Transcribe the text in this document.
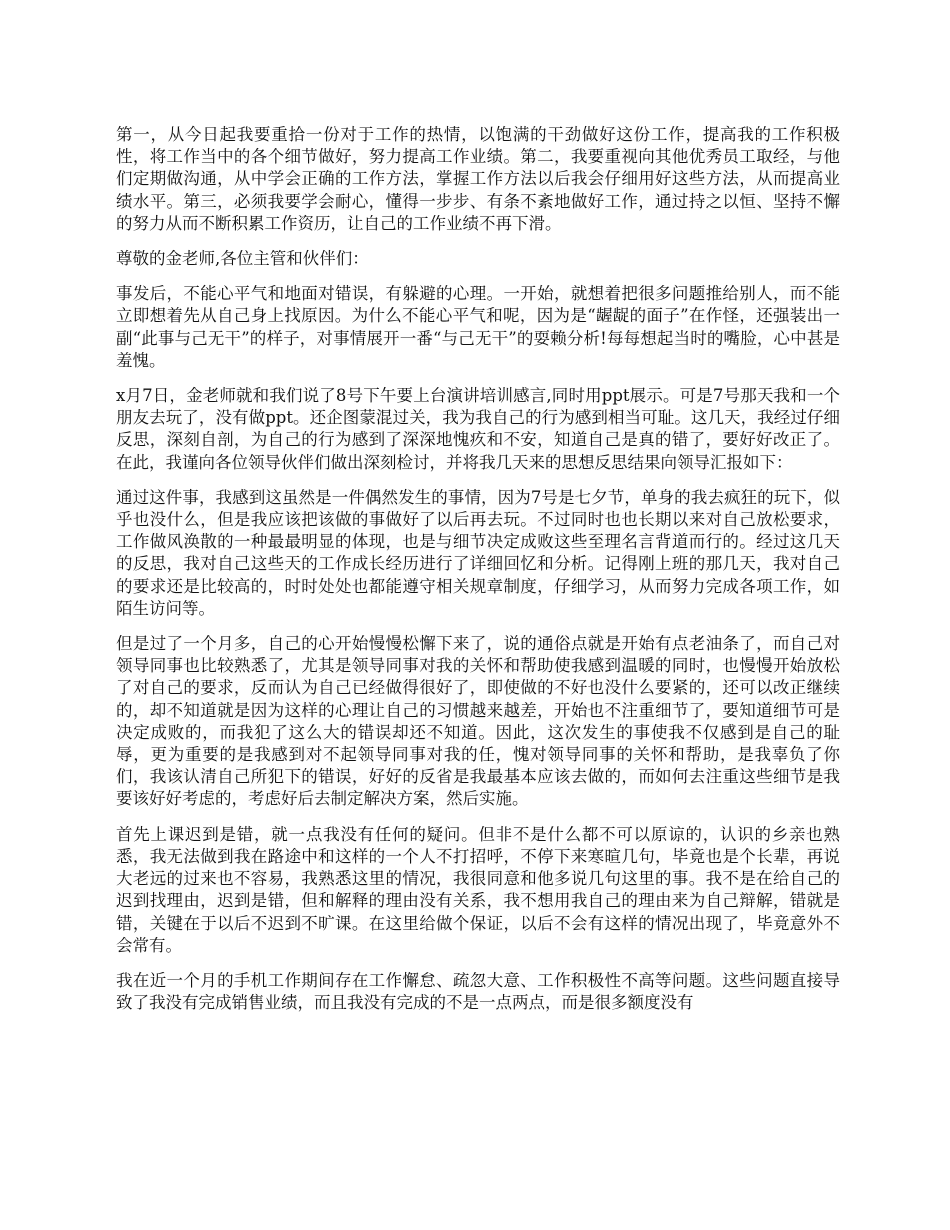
第一，从今日起我要重拾一份对于工作的热情，以饱满的干劲做好这份工作，提高我的工作积极性，将工作当中的各个细节做好，努力提高工作业绩。第二，我要重视向其他优秀员工取经，与他们定期做沟通，从中学会正确的工作方法，掌握工作方法以后我会仔细用好这些方法，从而提高业绩水平。第三，必须我要学会耐心，懂得一步步、有条不紊地做好工作，通过持之以恒、坚持不懈的努力从而不断积累工作资历，让自己的工作业绩不再下滑。

尊敬的金老师,各位主管和伙伴们：

事发后，不能心平气和地面对错误，有躲避的心理。一开始，就想着把很多问题推给别人，而不能立即想着先从自己身上找原因。为什么不能心平气和呢，因为是“龌龊的面子”在作怪，还强装出一副“此事与己无干”的样子，对事情展开一番“与己无干”的耍赖分析!每每想起当时的嘴脸，心中甚是羞愧。

x月7日，金老师就和我们说了8号下午要上台演讲培训感言,同时用ppt展示。可是7号那天我和一个朋友去玩了，没有做ppt。还企图蒙混过关，我为我自己的行为感到相当可耻。这几天，我经过仔细反思，深刻自剖，为自己的行为感到了深深地愧疚和不安，知道自己是真的错了，要好好改正了。在此，我谨向各位领导伙伴们做出深刻检讨，并将我几天来的思想反思结果向领导汇报如下：

通过这件事，我感到这虽然是一件偶然发生的事情，因为7号是七夕节，单身的我去疯狂的玩下，似乎也没什么，但是我应该把该做的事做好了以后再去玩。不过同时也也长期以来对自己放松要求，工作做风涣散的一种最最明显的体现，也是与细节决定成败这些至理名言背道而行的。经过这几天的反思，我对自己这些天的工作成长经历进行了详细回忆和分析。记得刚上班的那几天，我对自己的要求还是比较高的，时时处处也都能遵守相关规章制度，仔细学习，从而努力完成各项工作，如陌生访问等。

但是过了一个月多，自己的心开始慢慢松懈下来了，说的通俗点就是开始有点老油条了，而自己对领导同事也比较熟悉了，尤其是领导同事对我的关怀和帮助使我感到温暖的同时，也慢慢开始放松了对自己的要求，反而认为自己已经做得很好了，即使做的不好也没什么要紧的，还可以改正继续的，却不知道就是因为这样的心理让自己的习惯越来越差，开始也不注重细节了，要知道细节可是决定成败的，而我犯了这么大的错误却还不知道。因此，这次发生的事使我不仅感到是自己的耻辱，更为重要的是我感到对不起领导同事对我的任，愧对领导同事的关怀和帮助，是我辜负了你们，我该认清自己所犯下的错误，好好的反省是我最基本应该去做的，而如何去注重这些细节是我要该好好考虑的，考虑好后去制定解决方案，然后实施。

首先上课迟到是错，就一点我没有任何的疑问。但非不是什么都不可以原谅的，认识的乡亲也熟悉，我无法做到我在路途中和这样的一个人不打招呼，不停下来寒暄几句，毕竟也是个长辈，再说大老远的过来也不容易，我熟悉这里的情况，我很同意和他多说几句这里的事。我不是在给自己的迟到找理由，迟到是错，但和解释的理由没有关系，我不想用我自己的理由来为自己辩解，错就是错，关键在于以后不迟到不旷课。在这里给做个保证，以后不会有这样的情况出现了，毕竟意外不会常有。

我在近一个月的手机工作期间存在工作懈怠、疏忽大意、工作积极性不高等问题。这些问题直接导致了我没有完成销售业绩，而且我没有完成的不是一点两点，而是很多额度没有
